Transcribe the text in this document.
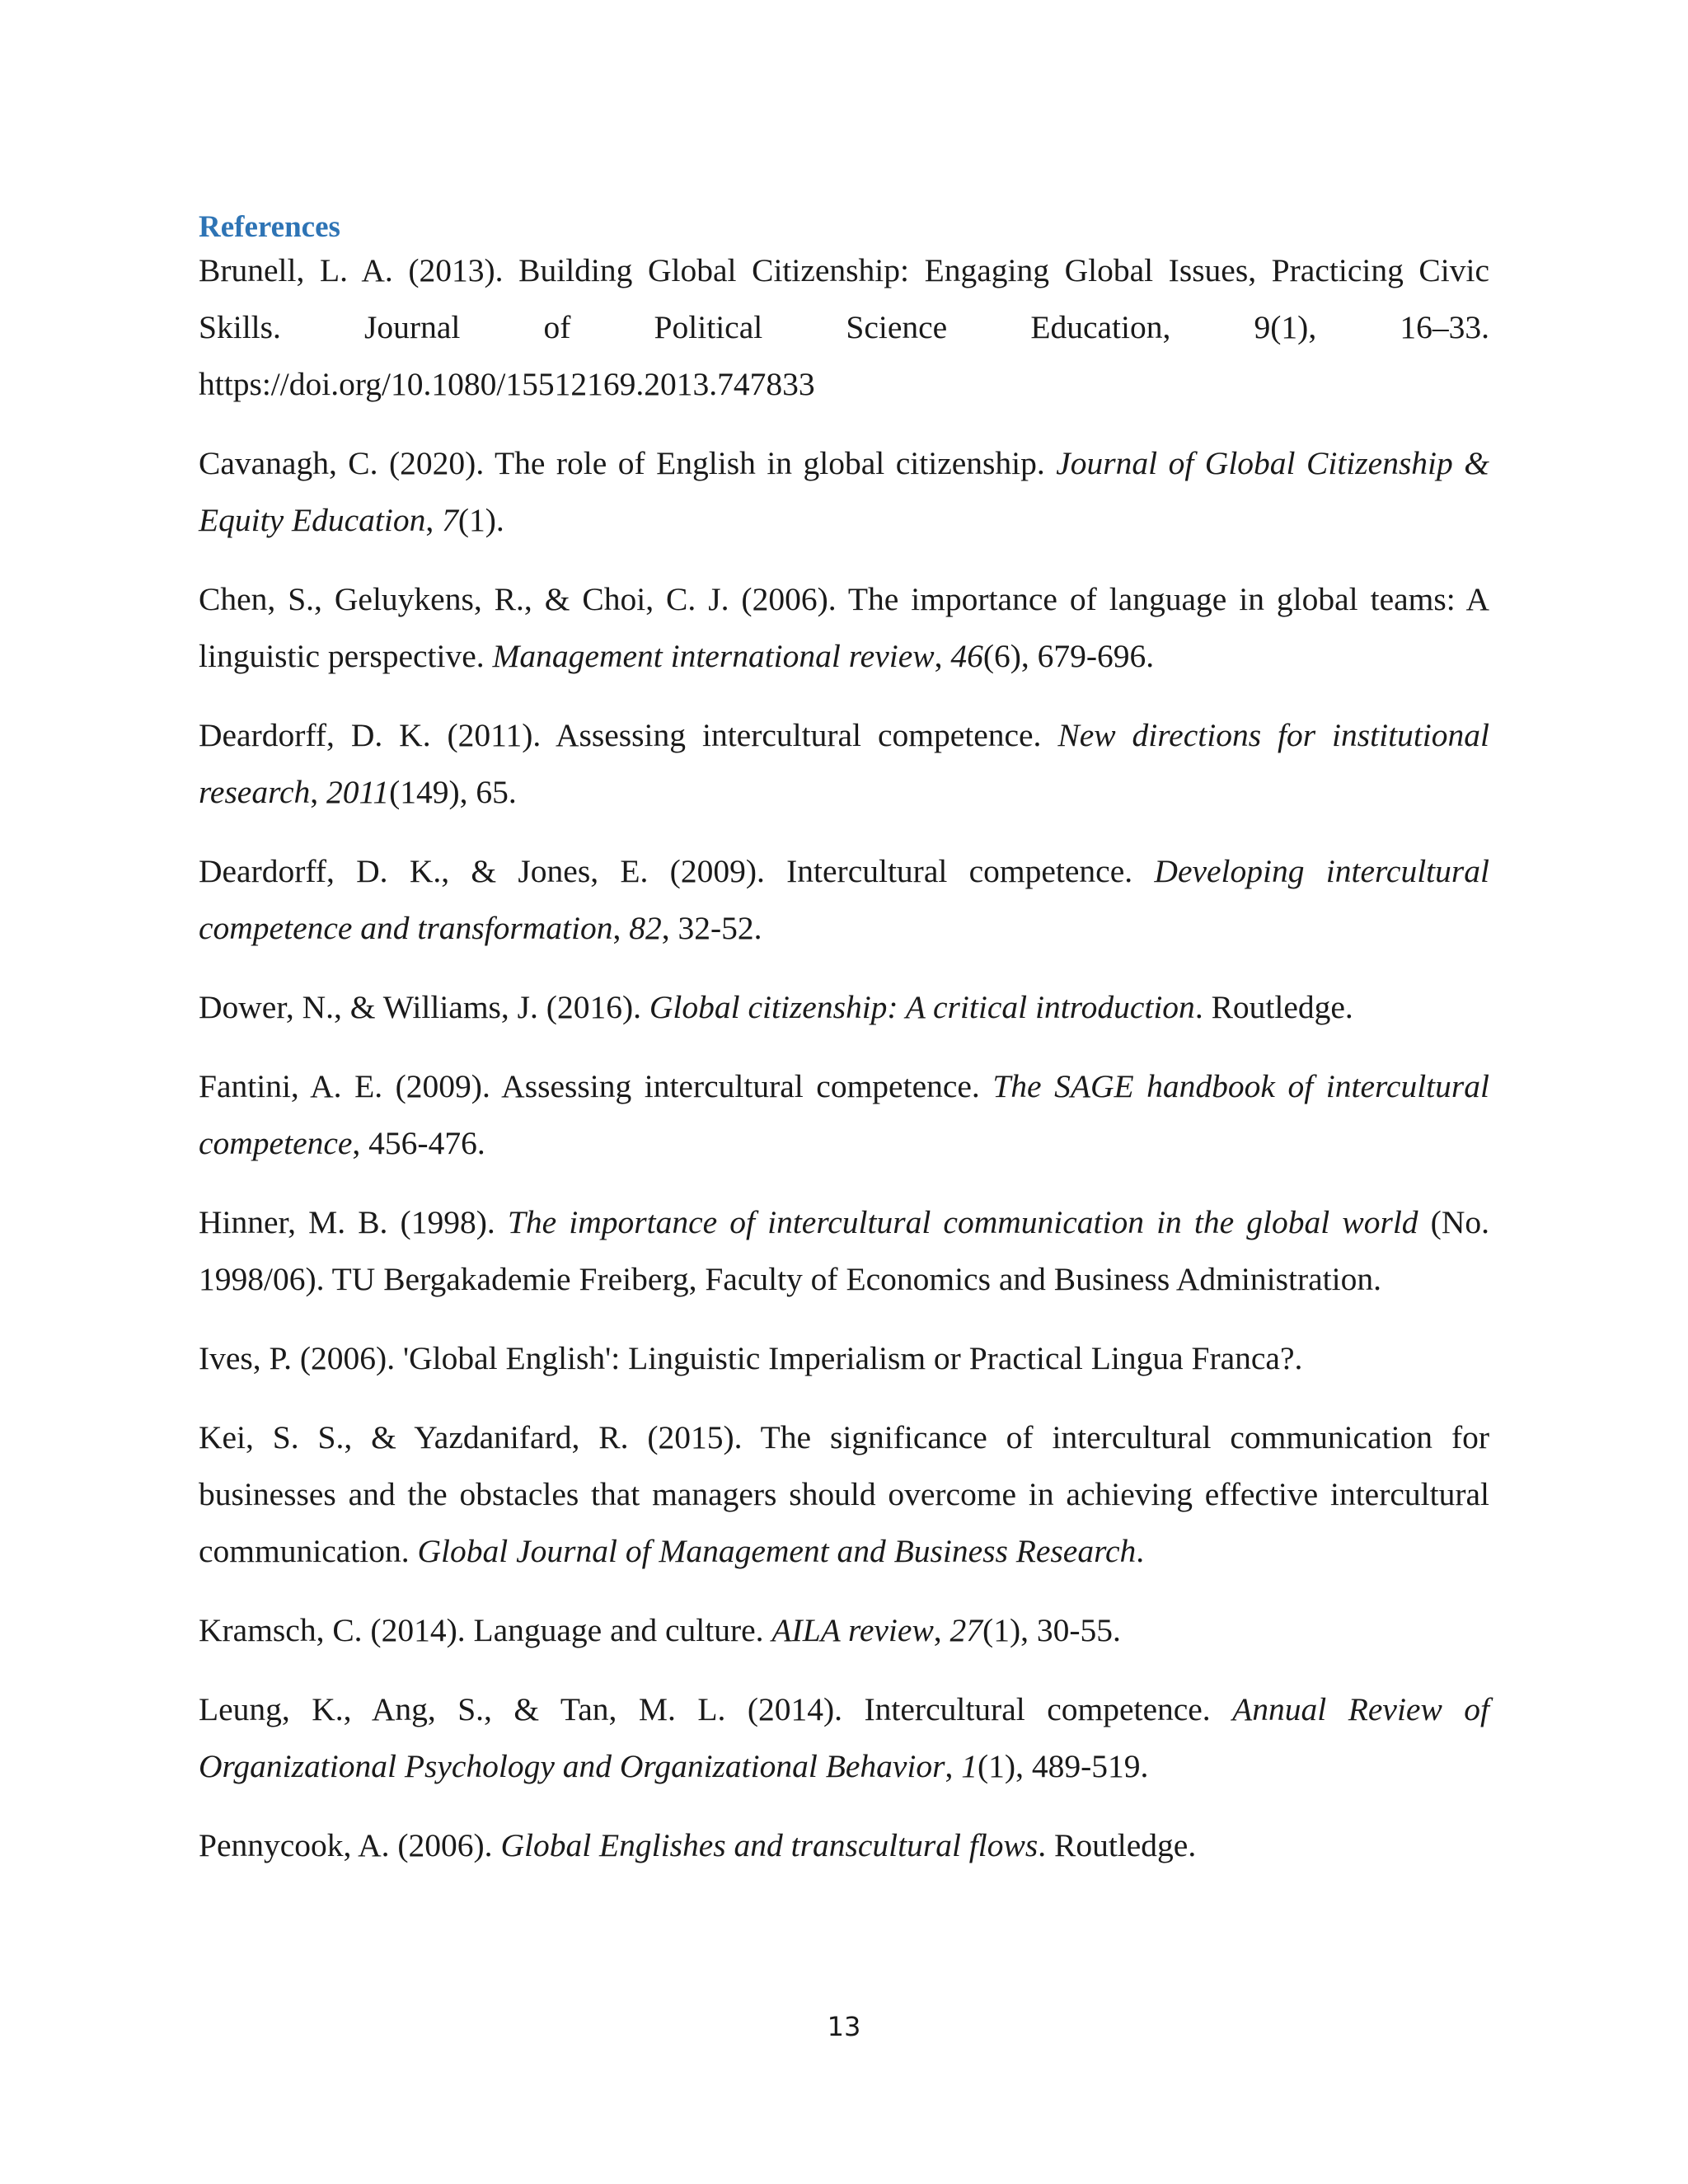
References

Brunell, L. A. (2013). Building Global Citizenship: Engaging Global Issues, Practicing Civic Skills. Journal of Political Science Education, 9(1), 16–33. https://doi.org/10.1080/15512169.2013.747833

Cavanagh, C. (2020). The role of English in global citizenship. Journal of Global Citizenship & Equity Education, 7(1).

Chen, S., Geluykens, R., & Choi, C. J. (2006). The importance of language in global teams: A linguistic perspective. Management international review, 46(6), 679-696.

Deardorff, D. K. (2011). Assessing intercultural competence. New directions for institutional research, 2011(149), 65.

Deardorff, D. K., & Jones, E. (2009). Intercultural competence. Developing intercultural competence and transformation, 82, 32-52.

Dower, N., & Williams, J. (2016). Global citizenship: A critical introduction. Routledge.

Fantini, A. E. (2009). Assessing intercultural competence. The SAGE handbook of intercultural competence, 456-476.

Hinner, M. B. (1998). The importance of intercultural communication in the global world (No. 1998/06). TU Bergakademie Freiberg, Faculty of Economics and Business Administration.

Ives, P. (2006). 'Global English': Linguistic Imperialism or Practical Lingua Franca?.

Kei, S. S., & Yazdanifard, R. (2015). The significance of intercultural communication for businesses and the obstacles that managers should overcome in achieving effective intercultural communication. Global Journal of Management and Business Research.

Kramsch, C. (2014). Language and culture. AILA review, 27(1), 30-55.

Leung, K., Ang, S., & Tan, M. L. (2014). Intercultural competence. Annual Review of Organizational Psychology and Organizational Behavior, 1(1), 489-519.

Pennycook, A. (2006). Global Englishes and transcultural flows. Routledge.

13
